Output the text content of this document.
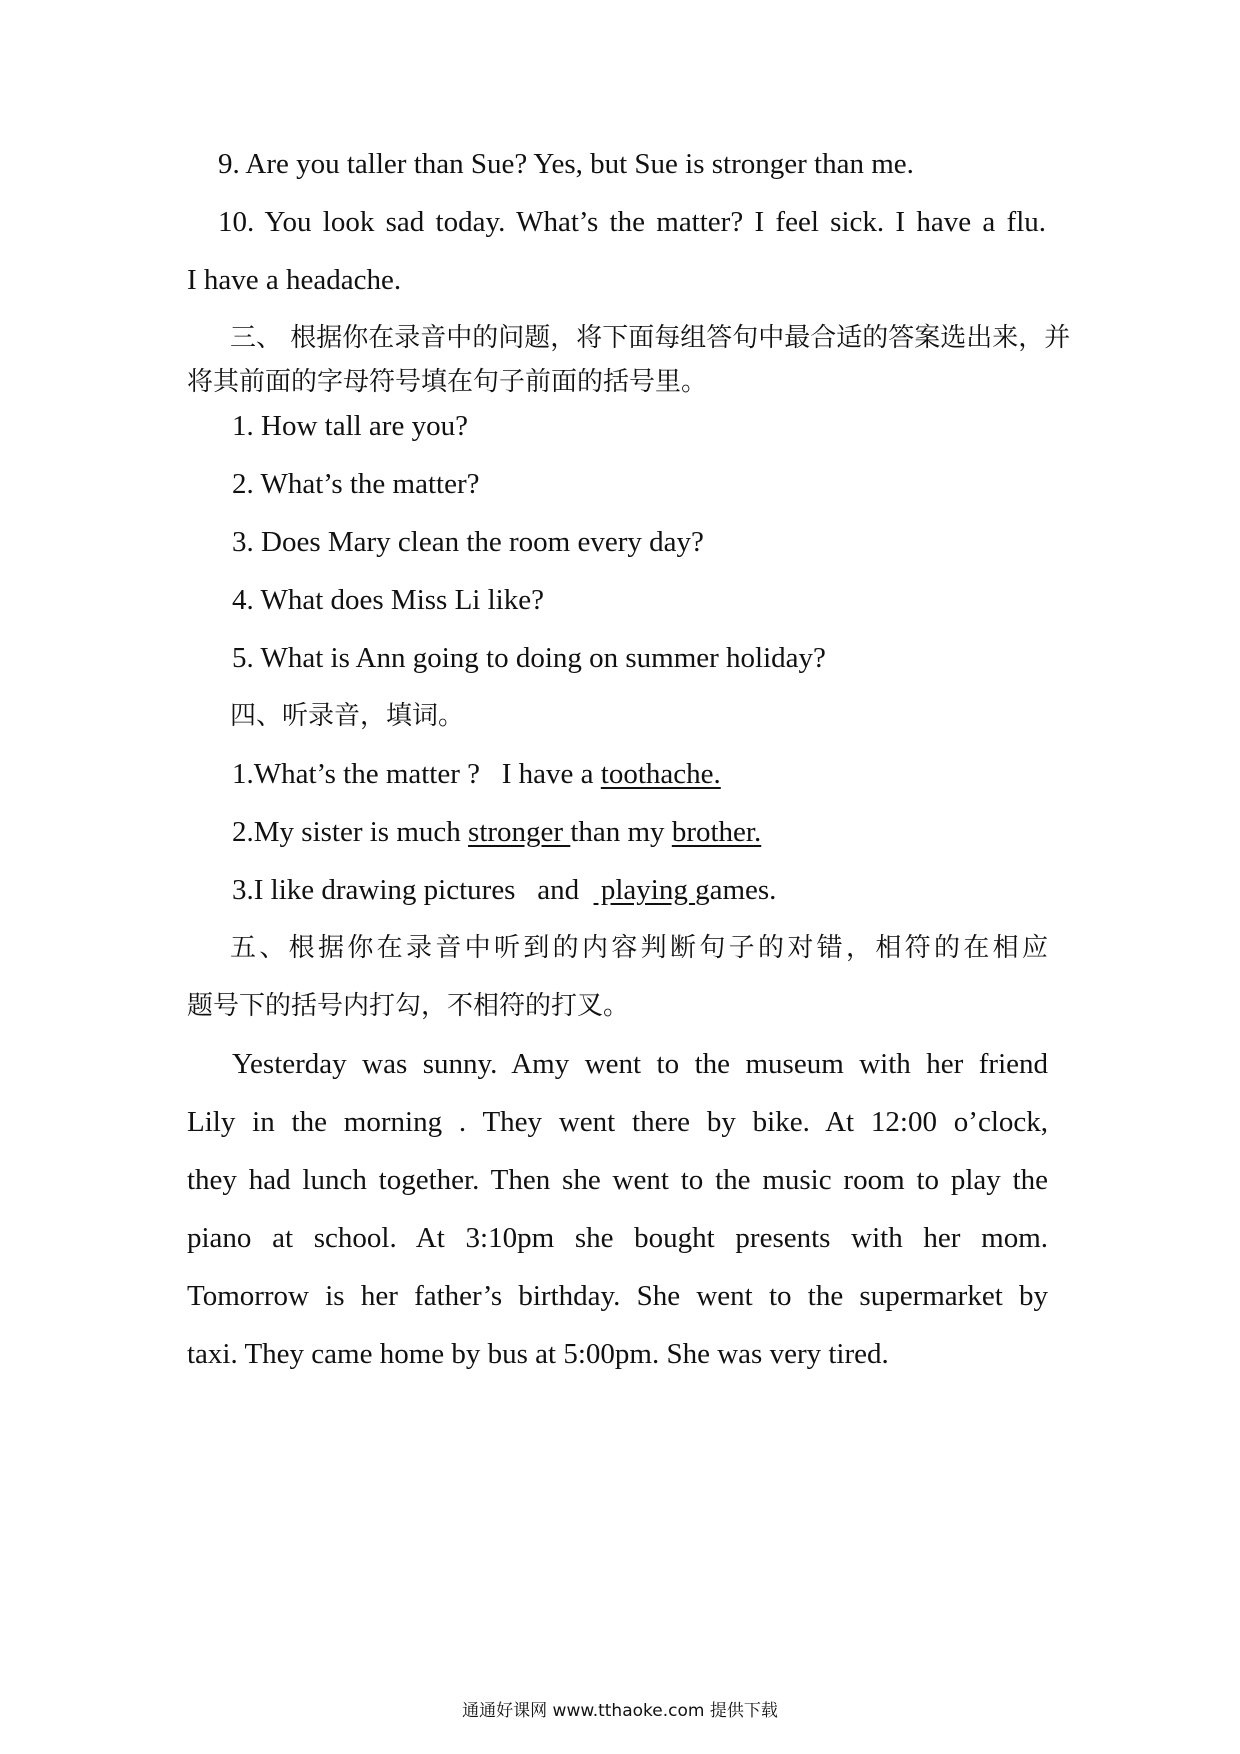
9. Are you taller than Sue? Yes, but Sue is stronger than me.
10. You look sad today. What’s the matter? I feel sick. I have a flu.
I have a headache.
三、 根据你在录音中的问题，将下面每组答句中最合适的答案选出来，并
将其前面的字母符号填在句子前面的括号里。
1. How tall are you?
2. What’s the matter?
3. Does Mary clean the room every day?
4. What does Miss Li like?
5. What is Ann going to doing on summer holiday?
四、听录音，填词。
1.What’s the matter ?   I have a toothache.
2.My sister is much stronger than my brother.
3.I like drawing pictures   and   playing games.
五、根据你在录音中听到的内容判断句子的对错，相符的在相应
题号下的括号内打勾，不相符的打叉。
Yesterday was sunny. Amy went to the museum with her friend
Lily in the morning . They went there by bike. At 12:00 o’clock,
they had lunch together. Then she went to the music room to play the
piano at school. At 3:10pm she bought presents with her mom.
Tomorrow is her father’s birthday. She went to the supermarket by
taxi. They came home by bus at 5:00pm. She was very tired.
通通好课网 www.tthaoke.com 提供下载
